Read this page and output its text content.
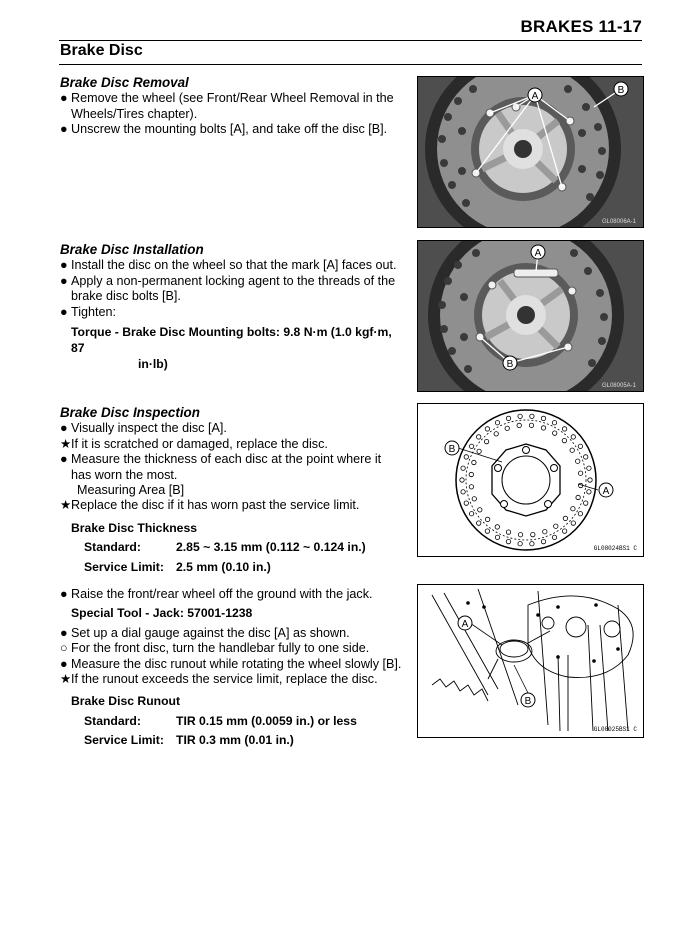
BRAKES 11-17
Brake Disc
Brake Disc Removal
● Remove the wheel (see Front/Rear Wheel Removal in the Wheels/Tires chapter).
● Unscrew the mounting bolts [A], and take off the disc [B].
Brake Disc Installation
● Install the disc on the wheel so that the mark [A] faces out.
● Apply a non-permanent locking agent to the threads of the brake disc bolts [B].
● Tighten:
Torque - Brake Disc Mounting bolts: 9.8 N·m (1.0 kgf·m, 87
in·lb)
Brake Disc Inspection
● Visually inspect the disc [A].
★ If it is scratched or damaged, replace the disc.
● Measure the thickness of each disc at the point where it has worn the most.
Measuring Area [B]
★ Replace the disc if it has worn past the service limit.
Brake Disc Thickness
Standard:	2.85 ~ 3.15 mm (0.112 ~ 0.124 in.)
Service Limit: 2.5 mm (0.10 in.)
● Raise the front/rear wheel off the ground with the jack.
Special Tool - Jack: 57001-1238
● Set up a dial gauge against the disc [A] as shown.
○ For the front disc, turn the handlebar fully to one side.
● Measure the disc runout while rotating the wheel slowly [B].
★ If the runout exceeds the service limit, replace the disc.
Brake Disc Runout
Standard:	TIR 0.15 mm (0.0059 in.) or less
Service Limit: TIR 0.3 mm (0.01 in.)
A
B
GL08006A-1
A
B
GL08005A-1
B
A
GL08024BS1 C
A
B
GL08025BS1 C
